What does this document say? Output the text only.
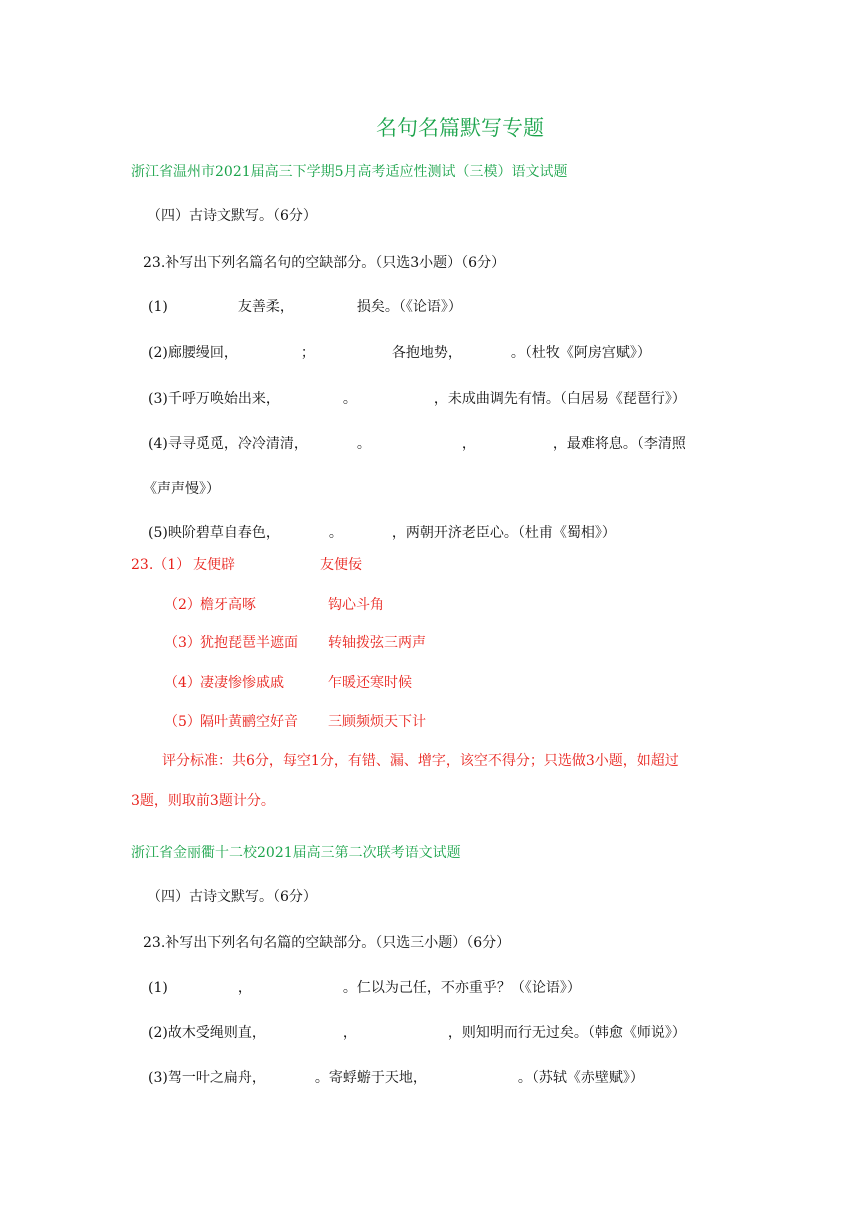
名句名篇默写专题
浙江省温州市2021届高三下学期5月高考适应性测试（三模）语文试题
（四）古诗文默写。（6分）
23.补写出下列名篇名句的空缺部分。（只选3小题）（6分）
(1)　　　　　友善柔，　　　　　损矣。（《论语》）
(2)廊腰缦回，　　　　　；　　　　　　各抱地势，　　　　。（杜牧《阿房宫赋》）
(3)千呼万唤始出来，　　　　　。　　　　　　，未成曲调先有情。（白居易《琵琶行》）
(4)寻寻觅觅，冷冷清清，　　　　。　　　　　　　，　　　　　　，最难将息。（李清照
《声声慢》）
(5)映阶碧草自春色，　　　　。　　　　，两朝开济老臣心。（杜甫《蜀相》）
23.（1） 友便辟	友便佞
（2） 檐牙高啄	钩心斗角
（3） 犹抱琵琶半遮面 转轴拨弦三两声
（4） 凄凄惨惨戚戚	乍暖还寒时候
（5） 隔叶黄鹂空好音 三顾频烦天下计
评分标准：共6分，每空1分，有错、漏、增字，该空不得分；只选做3小题，如超过
3题，则取前3题计分。
浙江省金丽衢十二校2021届高三第二次联考语文试题
（四）古诗文默写。（6分）
23.补写出下列名句名篇的空缺部分。（只选三小题）（6分）
(1)　　　　　，　　　　　　　。仁以为己任，不亦重乎？（《论语》）
(2)故木受绳则直，　　　　　　，　　　　　　　，则知明而行无过矣。（韩愈《师说》）
(3)驾一叶之扁舟，　　　　。寄蜉蝣于天地，　　　　　　　。（苏轼《赤壁赋》）
